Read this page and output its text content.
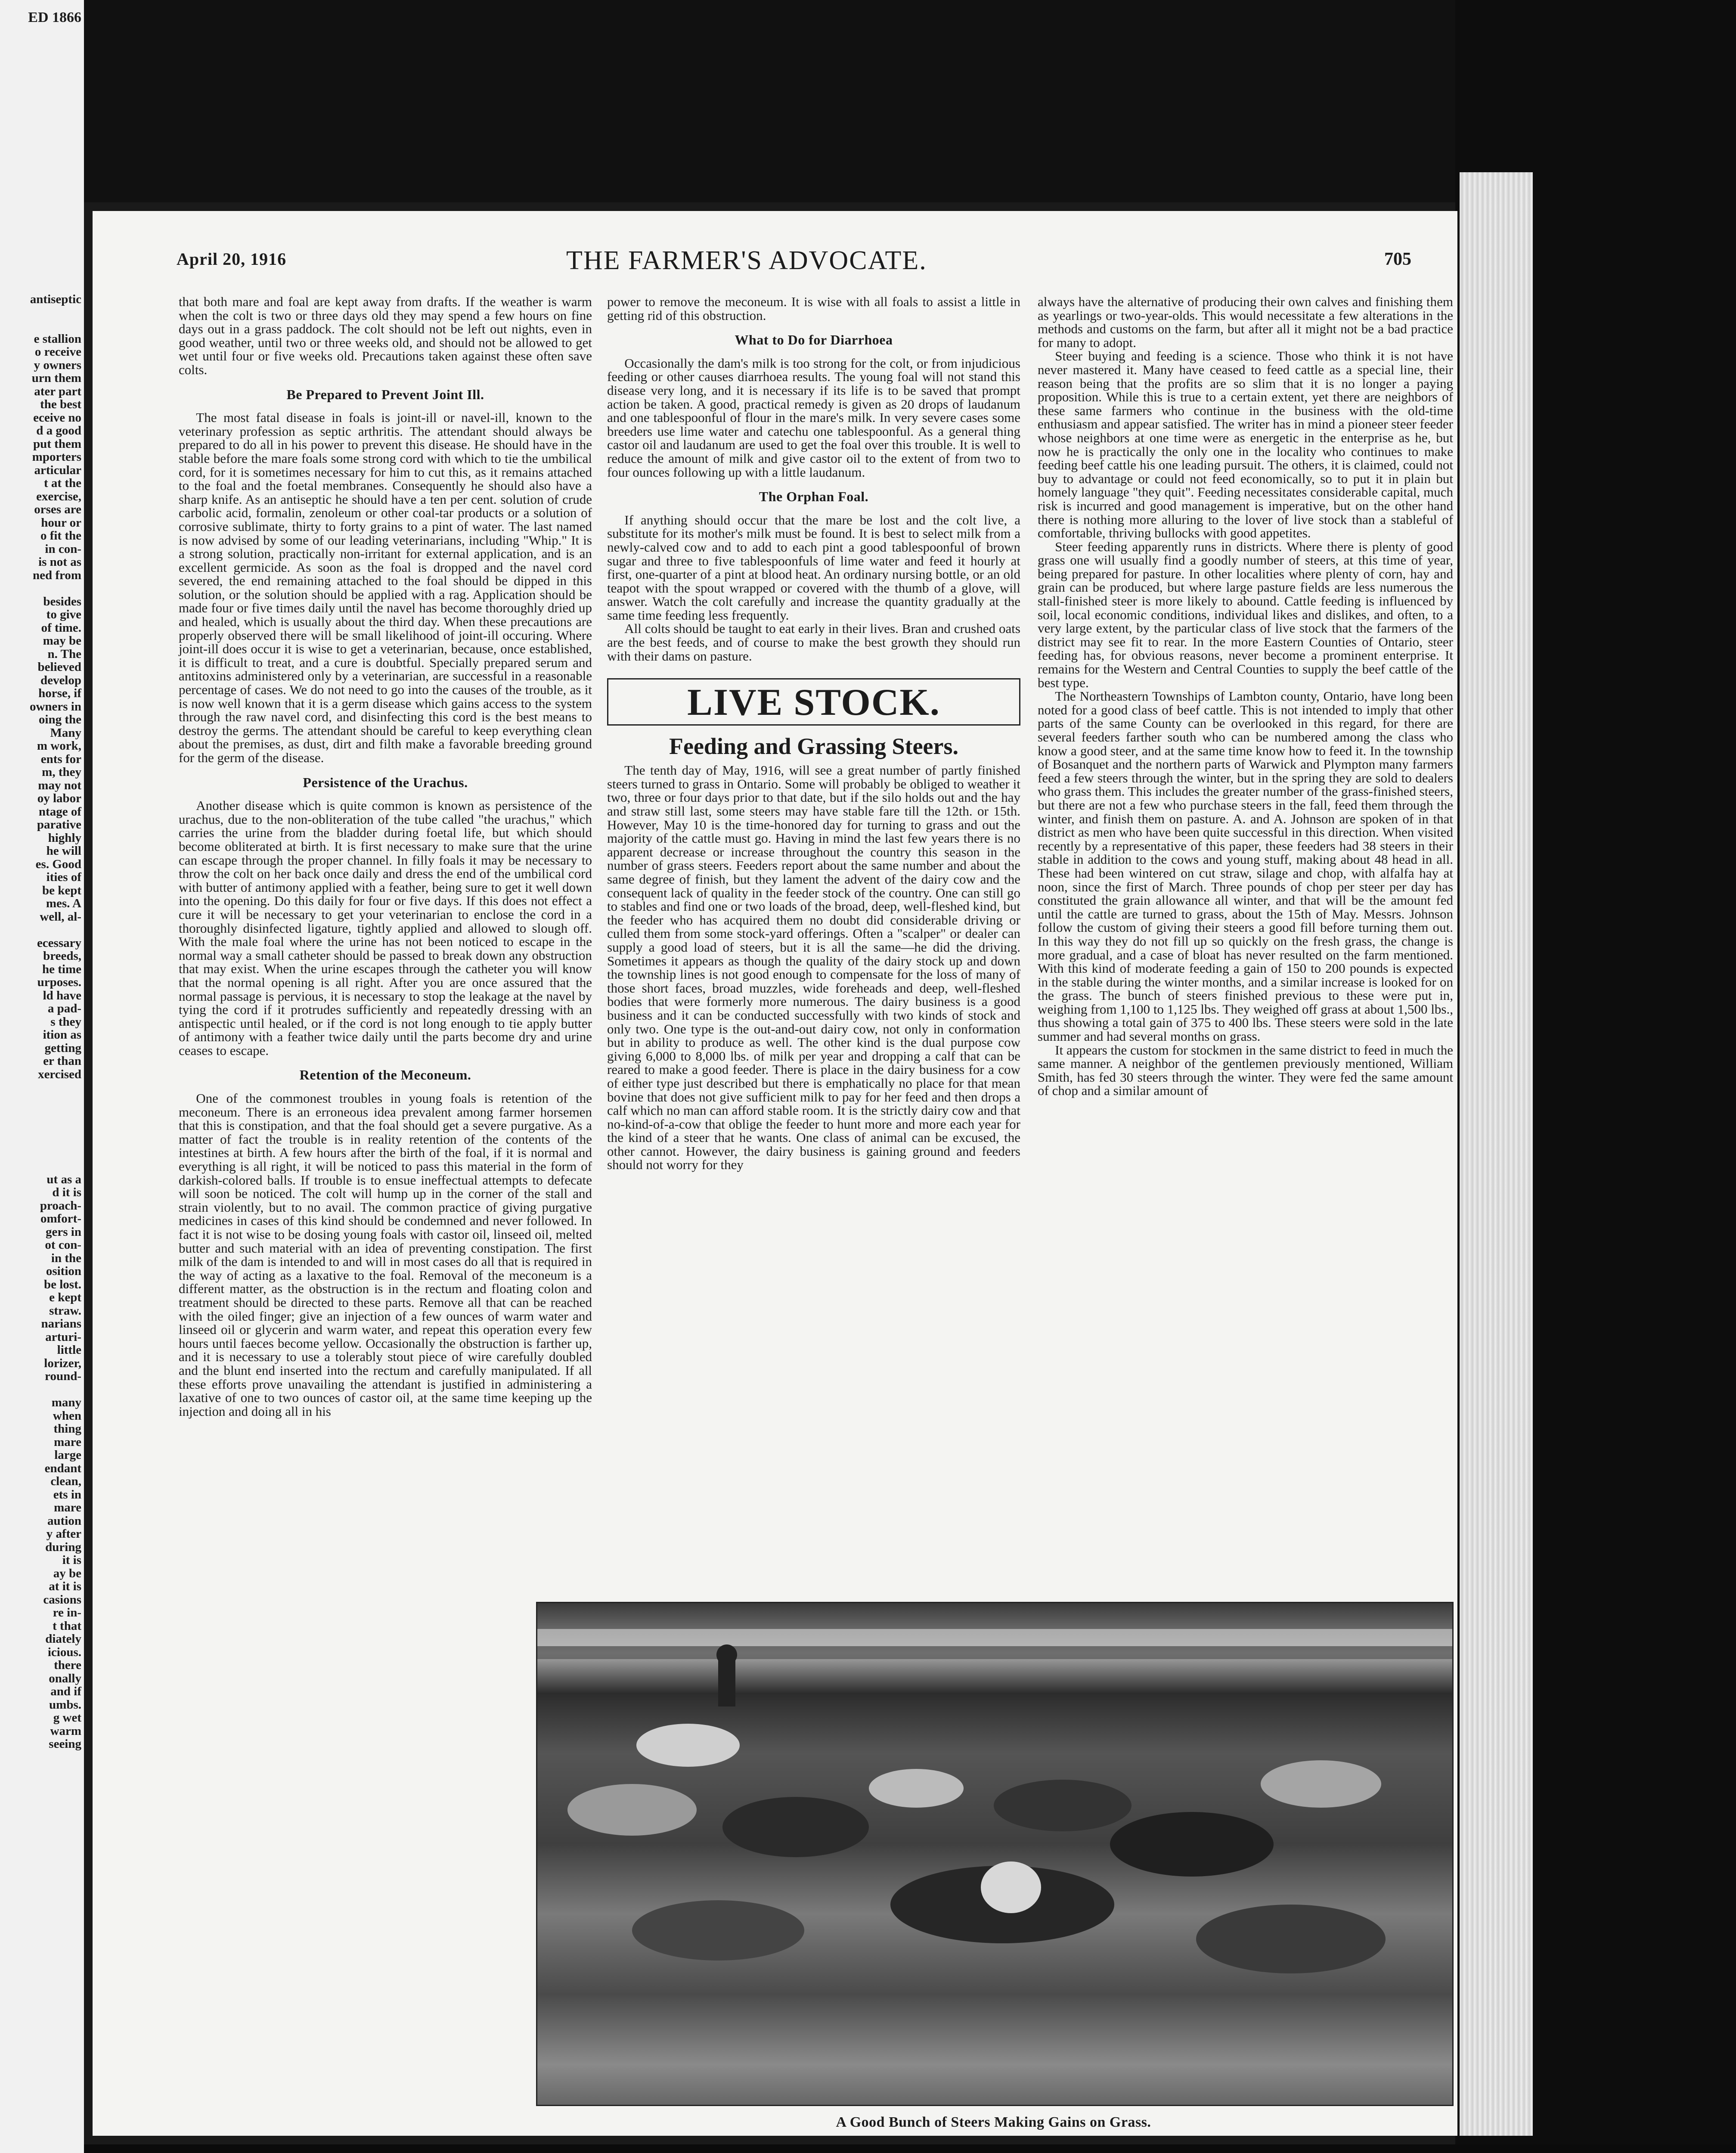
ED 1866
antiseptic

e stallion
o receive
y owners
urn them
ater part
the best
eceive no
d a good
put them
mporters
articular
t at the
exercise,
orses are
hour or
o fit the
in con-
is not as
ned from

besides
to give
of time.
may be
n. The
believed
develop
horse, if
owners in
oing the
Many
m work,
ents for
m, they
may not
oy labor
ntage of
parative
highly
he will
es. Good
ities of
be kept
mes. A
well, al-

ecessary
breeds,
he time
urposes.
ld have
a pad-
s they
ition as
getting
er than
xercised

ut as a
d it is
proach-
omfort-
gers in
ot con-
in the
osition
be lost.
e kept
straw.
narians
arturi-
little
lorizer,
round-

many
when
thing
mare
large
endant
clean,
ets in
mare
aution
y after
during
it is
ay be
at it is
casions
re in-
t that
diately
icious.
there
onally
and if
umbs.
g wet
warm
seeing
April 20, 1916	THE FARMER'S ADVOCATE.	705

that both mare and foal are kept away from drafts. If the weather is warm when the colt is two or three days old they may spend a few hours on fine days out in a grass paddock. The colt should not be left out nights, even in good weather, until two or three weeks old, and should not be allowed to get wet until four or five weeks old. Precautions taken against these often save colts.

Be Prepared to Prevent Joint Ill.

The most fatal disease in foals is joint-ill or navel-ill, known to the veterinary profession as septic arthritis. The attendant should always be prepared to do all in his power to prevent this disease. He should have in the stable before the mare foals some strong cord with which to tie the umbilical cord, for it is sometimes necessary for him to cut this, as it remains attached to the foal and the foetal membranes. Consequently he should also have a sharp knife. As an antiseptic he should have a ten per cent. solution of crude carbolic acid, formalin, zenoleum or other coal-tar products or a solution of corrosive sublimate, thirty to forty grains to a pint of water. The last named is now advised by some of our leading veterinarians, including "Whip." It is a strong solution, practically non-irritant for external application, and is an excellent germicide. As soon as the foal is dropped and the navel cord severed, the end remaining attached to the foal should be dipped in this solution, or the solution should be applied with a rag. Application should be made four or five times daily until the navel has become thoroughly dried up and healed, which is usually about the third day. When these precautions are properly observed there will be small likelihood of joint-ill occuring. Where joint-ill does occur it is wise to get a veterinarian, because, once established, it is difficult to treat, and a cure is doubtful. Specially prepared serum and antitoxins administered only by a veterinarian, are successful in a reasonable percentage of cases. We do not need to go into the causes of the trouble, as it is now well known that it is a germ disease which gains access to the system through the raw navel cord, and disinfecting this cord is the best means to destroy the germs. The attendant should be careful to keep everything clean about the premises, as dust, dirt and filth make a favorable breeding ground for the germ of the disease.

Persistence of the Urachus.

Another disease which is quite common is known as persistence of the urachus, due to the non-obliteration of the tube called "the urachus," which carries the urine from the bladder during foetal life, but which should become obliterated at birth. It is first necessary to make sure that the urine can escape through the proper channel. In filly foals it may be necessary to throw the colt on her back once daily and dress the end of the umbilical cord with butter of antimony applied with a feather, being sure to get it well down into the opening. Do this daily for four or five days. If this does not effect a cure it will be necessary to get your veterinarian to enclose the cord in a thoroughly disinfected ligature, tightly applied and allowed to slough off. With the male foal where the urine has not been noticed to escape in the normal way a small catheter should be passed to break down any obstruction that may exist. When the urine escapes through the catheter you will know that the normal opening is all right. After you are once assured that the normal passage is pervious, it is necessary to stop the leakage at the navel by tying the cord if it protrudes sufficiently and repeatedly dressing with an antispectic until healed, or if the cord is not long enough to tie apply butter of antimony with a feather twice daily until the parts become dry and urine ceases to escape.

Retention of the Meconeum.

One of the commonest troubles in young foals is retention of the meconeum. There is an erroneous idea prevalent among farmer horsemen that this is constipation, and that the foal should get a severe purgative. As a matter of fact the trouble is in reality retention of the contents of the intestines at birth. A few hours after the birth of the foal, if it is normal and everything is all right, it will be noticed to pass this material in the form of darkish-colored balls. If trouble is to ensue ineffectual attempts to defecate will soon be noticed. The colt will hump up in the corner of the stall and strain violently, but to no avail. The common practice of giving purgative medicines in cases of this kind should be condemned and never followed. In fact it is not wise to be dosing young foals with castor oil, linseed oil, melted butter and such material with an idea of preventing constipation. The first milk of the dam is intended to and will in most cases do all that is required in the way of acting as a laxative to the foal. Removal of the meconeum is a different matter, as the obstruction is in the rectum and floating colon and treatment should be directed to these parts. Remove all that can be reached with the oiled finger; give an injection of a few ounces of warm water and linseed oil or glycerin and warm water, and repeat this operation every few hours until faeces become yellow. Occasionally the obstruction is farther up, and it is necessary to use a tolerably stout piece of wire carefully doubled and the blunt end inserted into the rectum and carefully manipulated. If all these efforts prove unavailing the attendant is justified in administering a laxative of one to two ounces of castor oil, at the same time keeping up the injection and doing all in his

power to remove the meconeum. It is wise with all foals to assist a little in getting rid of this obstruction.

What to Do for Diarrhoea

Occasionally the dam's milk is too strong for the colt, or from injudicious feeding or other causes diarrhoea results. The young foal will not stand this disease very long, and it is necessary if its life is to be saved that prompt action be taken. A good, practical remedy is given as 20 drops of laudanum and one tablespoonful of flour in the mare's milk. In very severe cases some breeders use lime water and catechu one tablespoonful. As a general thing castor oil and laudanum are used to get the foal over this trouble. It is well to reduce the amount of milk and give castor oil to the extent of from two to four ounces following up with a little laudanum.

The Orphan Foal.

If anything should occur that the mare be lost and the colt live, a substitute for its mother's milk must be found. It is best to select milk from a newly-calved cow and to add to each pint a good tablespoonful of brown sugar and three to five tablespoonfuls of lime water and feed it hourly at first, one-quarter of a pint at blood heat. An ordinary nursing bottle, or an old teapot with the spout wrapped or covered with the thumb of a glove, will answer. Watch the colt carefully and increase the quantity gradually at the same time feeding less frequently.

All colts should be taught to eat early in their lives. Bran and crushed oats are the best feeds, and of course to make the best growth they should run with their dams on pasture.

LIVE STOCK.
Feeding and Grassing Steers.

The tenth day of May, 1916, will see a great number of partly finished steers turned to grass in Ontario. Some will probably be obliged to weather it two, three or four days prior to that date, but if the silo holds out and the hay and straw still last, some steers may have stable fare till the 12th. or 15th. However, May 10 is the time-honored day for turning to grass and out the majority of the cattle must go. Having in mind the last few years there is no apparent decrease or increase throughout the country this season in the number of grass steers. Feeders report about the same number and about the same degree of finish, but they lament the advent of the dairy cow and the consequent lack of quality in the feeder stock of the country. One can still go to stables and find one or two loads of the broad, deep, well-fleshed kind, but the feeder who has acquired them no doubt did considerable driving or culled them from some stock-yard offerings. Often a "scalper" or dealer can supply a good load of steers, but it is all the same—he did the driving. Sometimes it appears as though the quality of the dairy stock up and down the township lines is not good enough to compensate for the loss of many of those short faces, broad muzzles, wide foreheads and deep, well-fleshed bodies that were formerly more numerous. The dairy business is a good business and it can be conducted successfully with two kinds of stock and only two. One type is the out-and-out dairy cow, not only in conformation but in ability to produce as well. The other kind is the dual purpose cow giving 6,000 to 8,000 lbs. of milk per year and dropping a calf that can be reared to make a good feeder. There is place in the dairy business for a cow of either type just described but there is emphatically no place for that mean bovine that does not give sufficient milk to pay for her feed and then drops a calf which no man can afford stable room. It is the strictly dairy cow and that no-kind-of-a-cow that oblige the feeder to hunt more and more each year for the kind of a steer that he wants. One class of animal can be excused, the other cannot. However, the dairy business is gaining ground and feeders should not worry for they

always have the alternative of producing their own calves and finishing them as yearlings or two-year-olds. This would necessitate a few alterations in the methods and customs on the farm, but after all it might not be a bad practice for many to adopt.

Steer buying and feeding is a science. Those who think it is not have never mastered it. Many have ceased to feed cattle as a special line, their reason being that the profits are so slim that it is no longer a paying proposition. While this is true to a certain extent, yet there are neighbors of these same farmers who continue in the business with the old-time enthusiasm and appear satisfied. The writer has in mind a pioneer steer feeder whose neighbors at one time were as energetic in the enterprise as he, but now he is practically the only one in the locality who continues to make feeding beef cattle his one leading pursuit. The others, it is claimed, could not buy to advantage or could not feed economically, so to put it in plain but homely language "they quit". Feeding necessitates considerable capital, much risk is incurred and good management is imperative, but on the other hand there is nothing more alluring to the lover of live stock than a stableful of comfortable, thriving bullocks with good appetites.

Steer feeding apparently runs in districts. Where there is plenty of good grass one will usually find a goodly number of steers, at this time of year, being prepared for pasture. In other localities where plenty of corn, hay and grain can be produced, but where large pasture fields are less numerous the stall-finished steer is more likely to abound. Cattle feeding is influenced by soil, local economic conditions, individual likes and dislikes, and often, to a very large extent, by the particular class of live stock that the farmers of the district may see fit to rear. In the more Eastern Counties of Ontario, steer feeding has, for obvious reasons, never become a prominent enterprise. It remains for the Western and Central Counties to supply the beef cattle of the best type.

The Northeastern Townships of Lambton county, Ontario, have long been noted for a good class of beef cattle. This is not intended to imply that other parts of the same County can be overlooked in this regard, for there are several feeders farther south who can be numbered among the class who know a good steer, and at the same time know how to feed it. In the township of Bosanquet and the northern parts of Warwick and Plympton many farmers feed a few steers through the winter, but in the spring they are sold to dealers who grass them. This includes the greater number of the grass-finished steers, but there are not a few who purchase steers in the fall, feed them through the winter, and finish them on pasture. A. and A. Johnson are spoken of in that district as men who have been quite successful in this direction. When visited recently by a representative of this paper, these feeders had 38 steers in their stable in addition to the cows and young stuff, making about 48 head in all. These had been wintered on cut straw, silage and chop, with alfalfa hay at noon, since the first of March. Three pounds of chop per steer per day has constituted the grain allowance all winter, and that will be the amount fed until the cattle are turned to grass, about the 15th of May. Messrs. Johnson follow the custom of giving their steers a good fill before turning them out. In this way they do not fill up so quickly on the fresh grass, the change is more gradual, and a case of bloat has never resulted on the farm mentioned. With this kind of moderate feeding a gain of 150 to 200 pounds is expected in the stable during the winter months, and a similar increase is looked for on the grass. The bunch of steers finished previous to these were put in, weighing from 1,100 to 1,125 lbs. They weighed off grass at about 1,500 lbs., thus showing a total gain of 375 to 400 lbs. These steers were sold in the late summer and had several months on grass.

It appears the custom for stockmen in the same district to feed in much the same manner. A neighbor of the gentlemen previously mentioned, William Smith, has fed 30 steers through the winter. They were fed the same amount of chop and a similar amount of

A Good Bunch of Steers Making Gains on Grass.
